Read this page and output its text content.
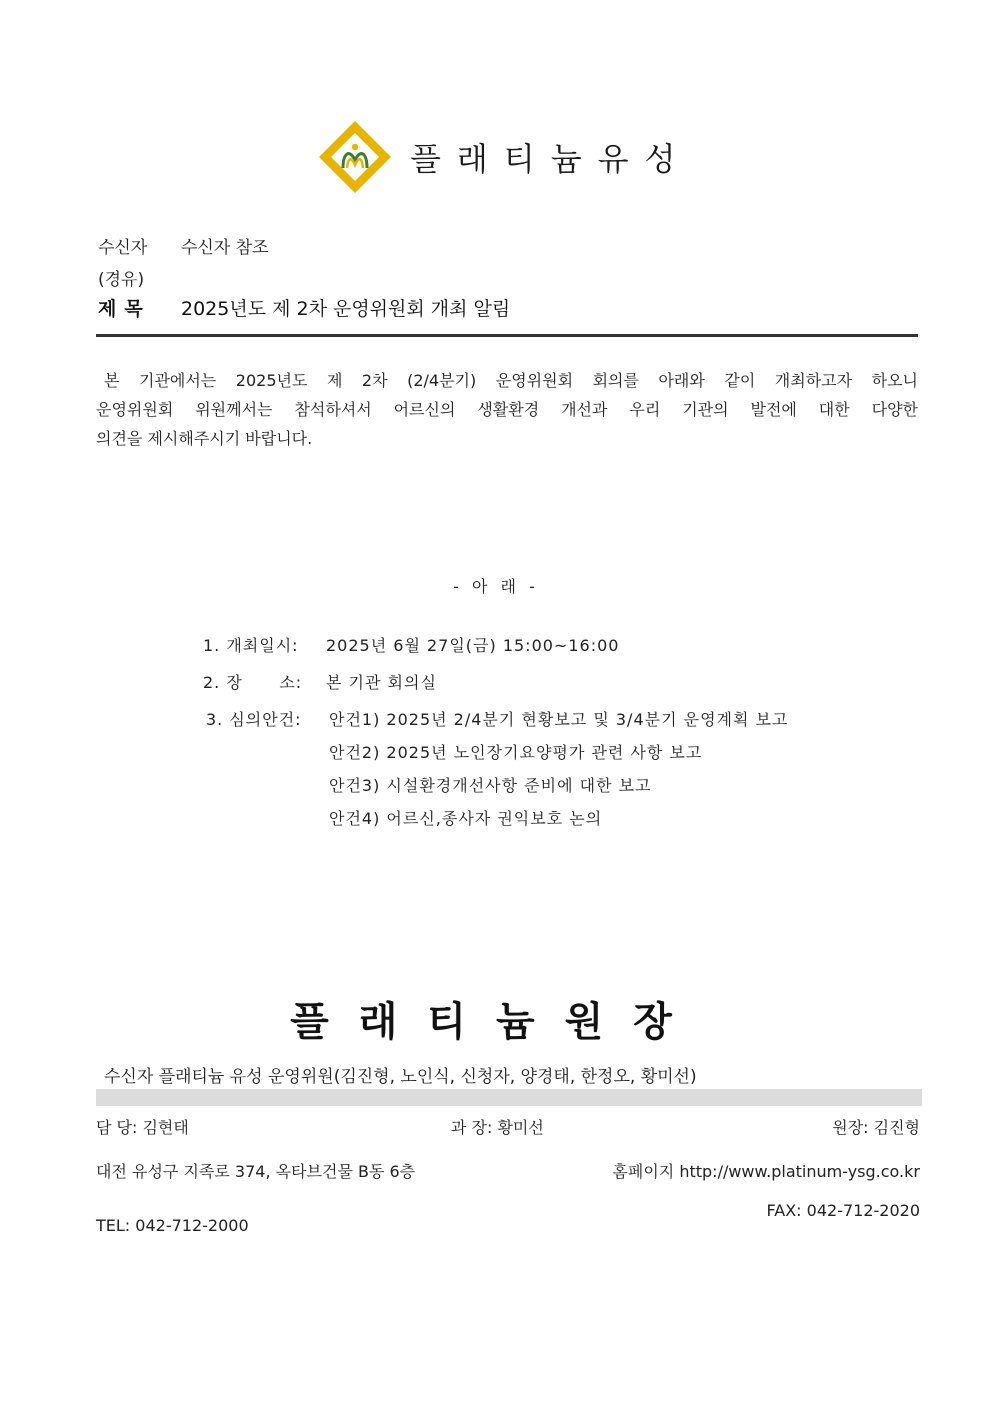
플래티늄유성
수신자 수신자 참조
(경유)
제목 2025년도 제 2차 운영위원회 개최 알림
본 기관에서는 2025년도 제 2차 (2/4분기) 운영위원회 회의를 아래와 같이 개최하고자 하오니
운영위원회 위원께서는 참석하셔서 어르신의 생활환경 개선과 우리 기관의 발전에 대한 다양한
의견을 제시해주시기 바랍니다.
- 아 래 -
1. 개최일시: 2025년 6월 27일(금) 15:00~16:00
2. 장      소: 본 기관 회의실
3. 심의안건: 안건1) 2025년 2/4분기 현황보고 및 3/4분기 운영계획 보고
안건2) 2025년 노인장기요양평가 관련 사항 보고
안건3) 시설환경개선사항 준비에 대한 보고
안건4) 어르신,종사자 권익보호 논의
플래티늄원장
수신자 플래티늄 유성 운영위원(김진형, 노인식, 신청자, 양경태, 한정오, 황미선)
담 당: 김현태	과 장: 황미선	원장: 김진형
대전 유성구 지족로 374, 옥타브건물 B동 6층	홈페이지 http://www.platinum-ysg.co.kr
FAX: 042-712-2020
TEL: 042-712-2000
